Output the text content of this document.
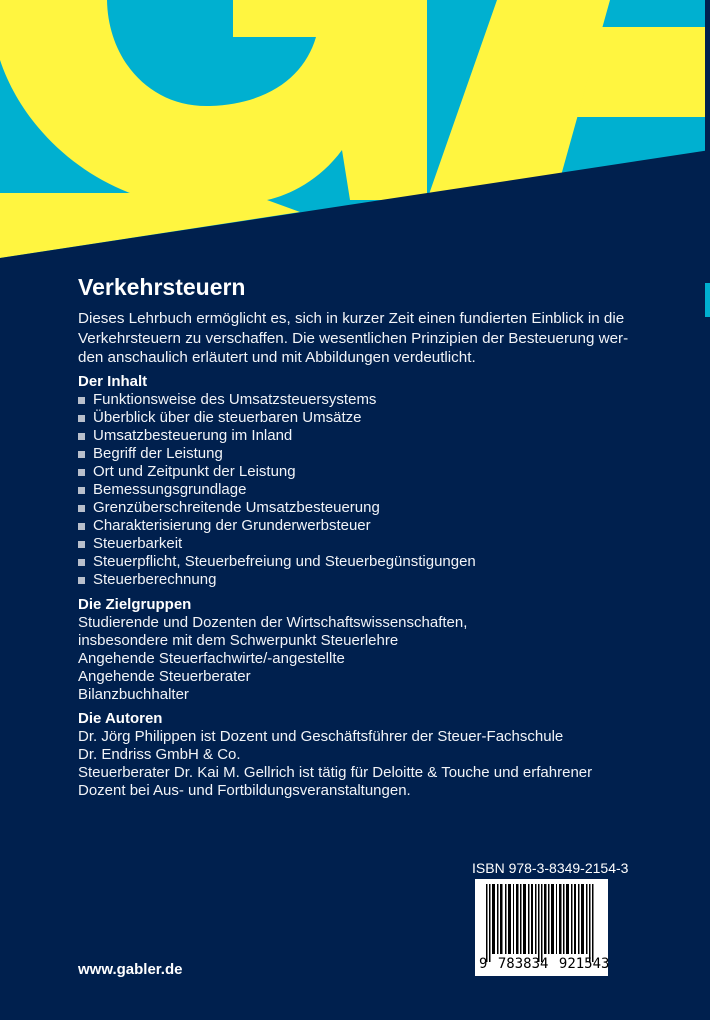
Verkehrsteuern

Dieses Lehrbuch ermöglicht es, sich in kurzer Zeit einen fundierten Einblick in die
Verkehrsteuern zu verschaffen. Die wesentlichen Prinzipien der Besteuerung wer-
den anschaulich erläutert und mit Abbildungen verdeutlicht.

Der Inhalt
Funktionsweise des Umsatzsteuersystems
Überblick über die steuerbaren Umsätze
Umsatzbesteuerung im Inland
Begriff der Leistung
Ort und Zeitpunkt der Leistung
Bemessungsgrundlage
Grenzüberschreitende Umsatzbesteuerung
Charakterisierung der Grunderwerbsteuer
Steuerbarkeit
Steuerpflicht, Steuerbefreiung und Steuerbegünstigungen
Steuerberechnung
Die Zielgruppen
Studierende und Dozenten der Wirtschaftswissenschaften,
insbesondere mit dem Schwerpunkt Steuerlehre
Angehende Steuerfachwirte/-angestellte
Angehende Steuerberater
Bilanzbuchhalter
Die Autoren
Dr. Jörg Philippen ist Dozent und Geschäftsführer der Steuer-Fachschule
Dr. Endriss GmbH & Co.
Steuerberater Dr. Kai M. Gellrich ist tätig für Deloitte & Touche und erfahrener
Dozent bei Aus- und Fortbildungsveranstaltungen.
ISBN 978-3-8349-2154-3
9 783834 921543
www.gabler.de
